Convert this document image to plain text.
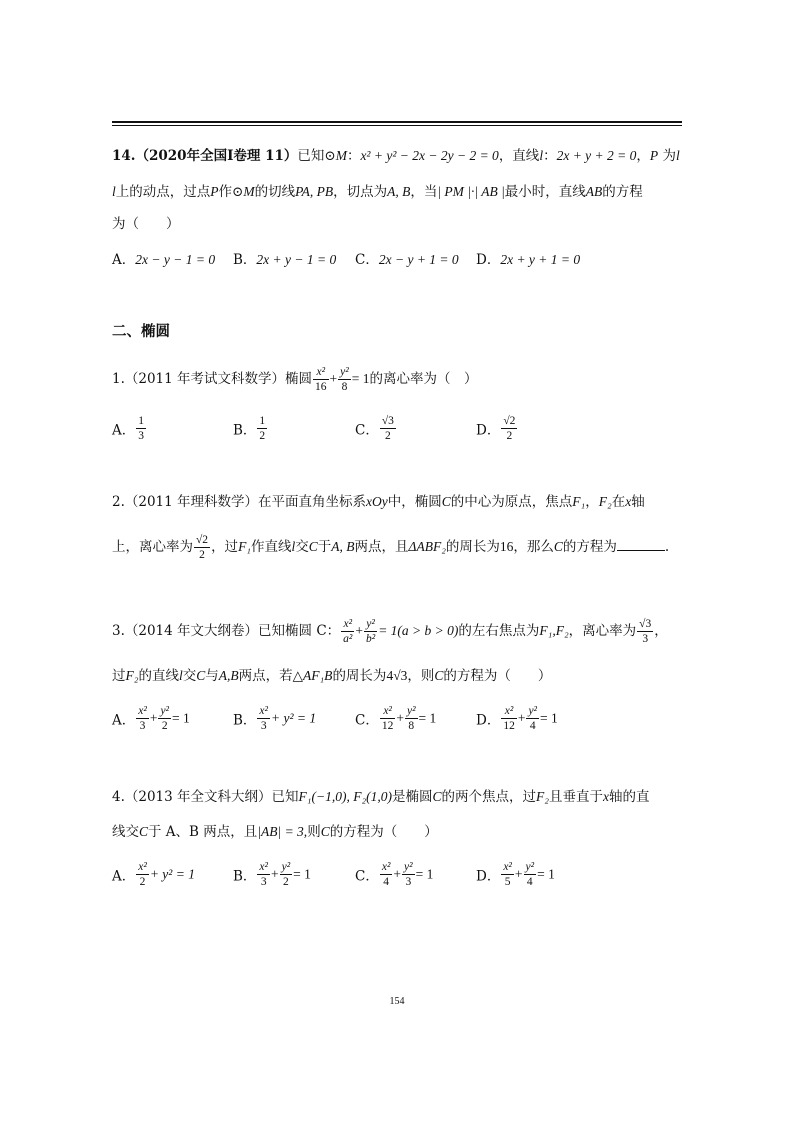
14.（2020年全国Ⅰ卷理 11）已知⊙M：x² + y² − 2x − 2y − 2 = 0，直线l：2x + y + 2 = 0，P 为l
l上的动点，过点P作⊙M的切线PA, PB，切点为A, B，当| PM |·| AB |最小时，直线AB的方程
为（　　）
A．2x − y − 1 = 0 B．2x + y − 1 = 0 C．2x − y + 1 = 0 D．2x + y + 1 = 0
二、椭圆
1.（2011 年考试文科数学）椭圆 $\frac{\text{x²}}{16} + \frac{\text{y²}}{8} = 1$的离心率为（　）
A． $\frac{1}{3}$	B． $\frac{1}{2}$	C． $\frac{√3}{2}$	D． $\frac{√2}{2}$
2.（2011 年理科数学）在平面直角坐标系xOy中，椭圆C的中心为原点，焦点F₁，F₂在x轴
上，离心率为 $\frac{√2}{2}$ ，过F₁作直线l交C于A, B两点，且ΔABF₂的周长为16，那么C的方程为	.
3.（2014 年文大纲卷）已知椭圆 C： $\frac{\text{x²}}{\text{a²}} + \frac{\text{y²}}{\text{b²}} = 1(a > b > 0)$的左右焦点为F₁,F₂，离心率为 $\frac{√3}{3}$ ，
过F₂的直线l交C与A,B两点，若△AF₁B的周长为4√3，则C的方程为（　　）
A． $\frac{\text{x²}}{3} + \frac{\text{y²}}{2} = 1$	B． $\frac{\text{x²}}{3} + y^2 = 1$	C． $\frac{\text{x²}}{12} + \frac{\text{y²}}{8} = 1$	D． $\frac{\text{x²}}{12} + \frac{\text{y²}}{4} = 1$
4.（2013 年全文科大纲）已知F₁(−1,0), F₂(1,0)是椭圆C的两个焦点，过F₂且垂直于x轴的直
线交C于 A、B 两点，且|AB| = 3,则C的方程为（　　）
A． $\frac{\text{x²}}{2} + y^2 = 1$	B． $\frac{\text{x²}}{3} + \frac{\text{y²}}{2} = 1$	C． $\frac{\text{x²}}{4} + \frac{\text{y²}}{3} = 1$	D． $\frac{\text{x²}}{5} + \frac{\text{y²}}{4} = 1$
154
